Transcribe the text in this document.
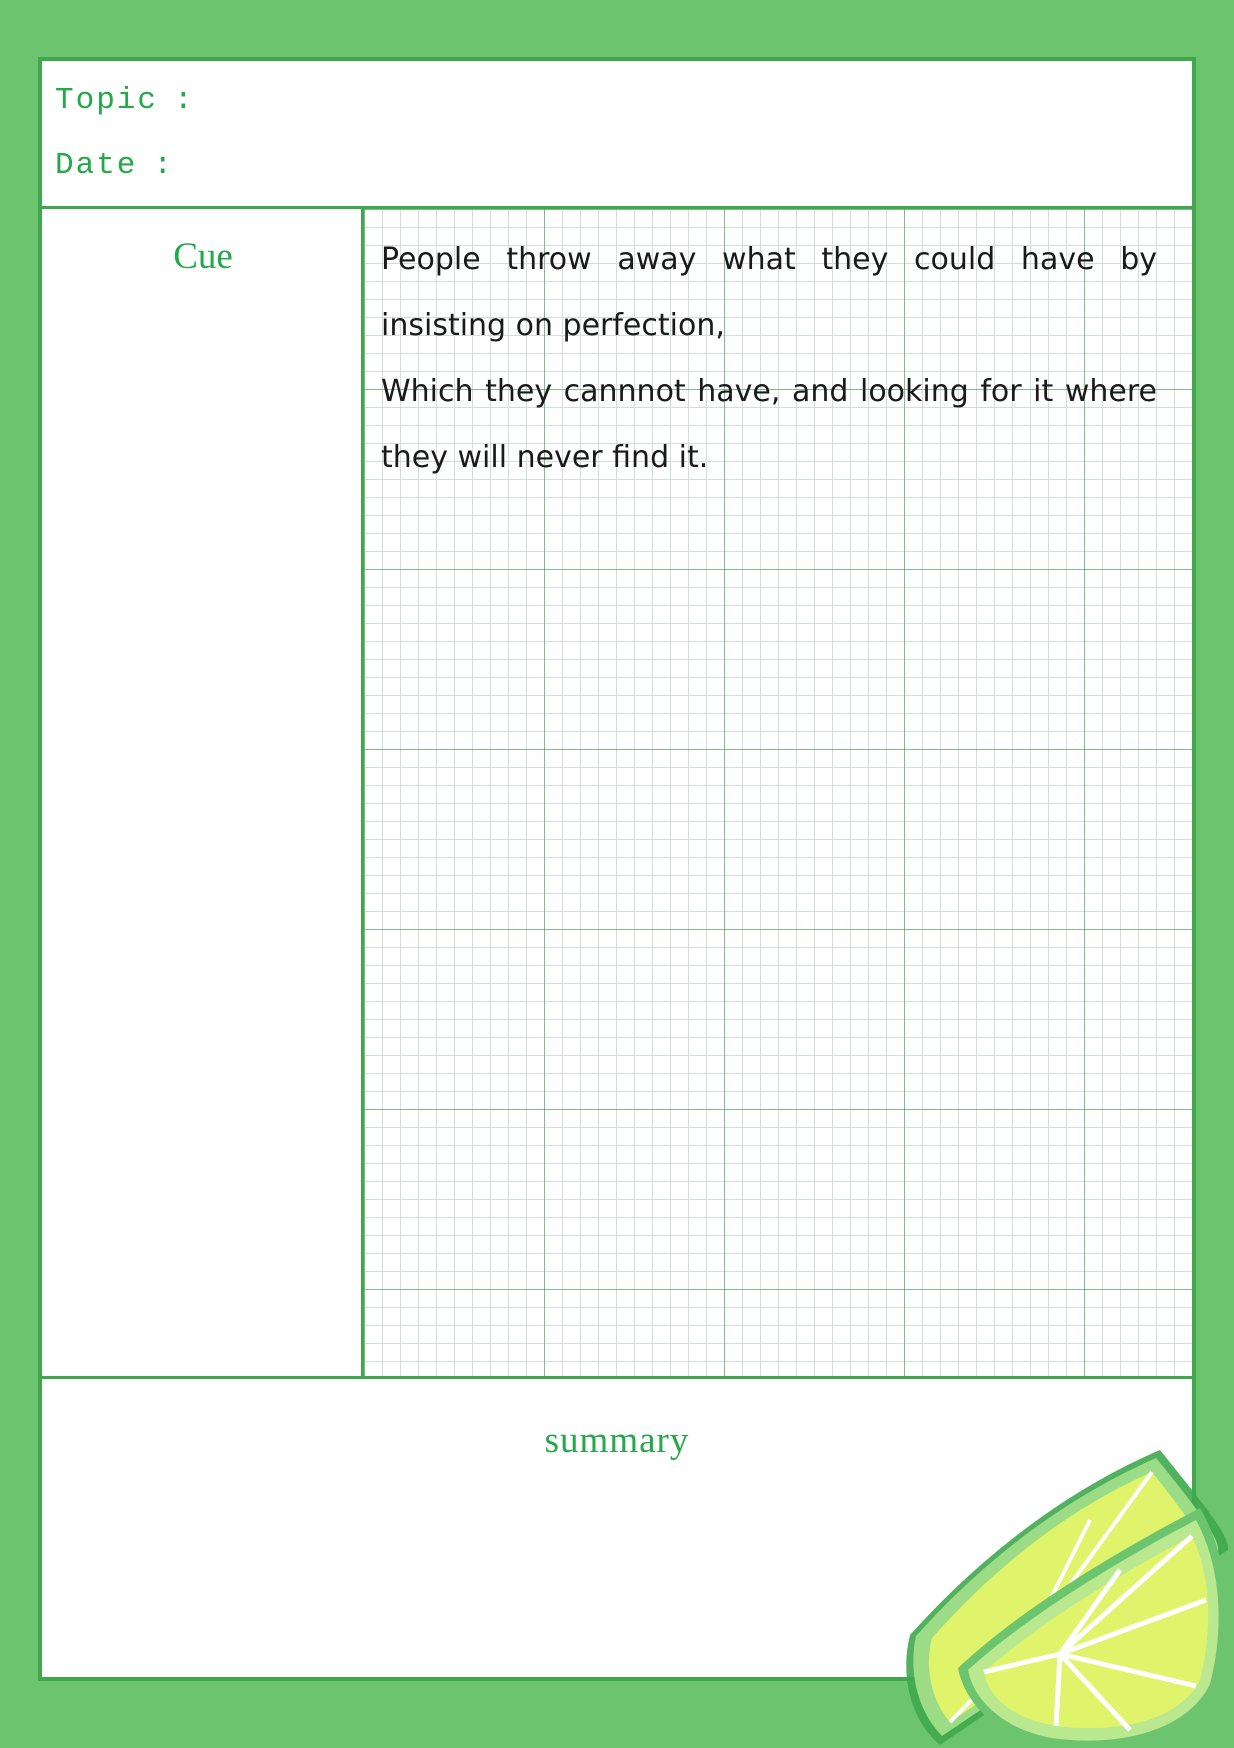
Topic :
Date :
Cue	People throw away what they could have by insisting on perfection,

Which they cannnot have, and looking for it where they will never find it.

summary
